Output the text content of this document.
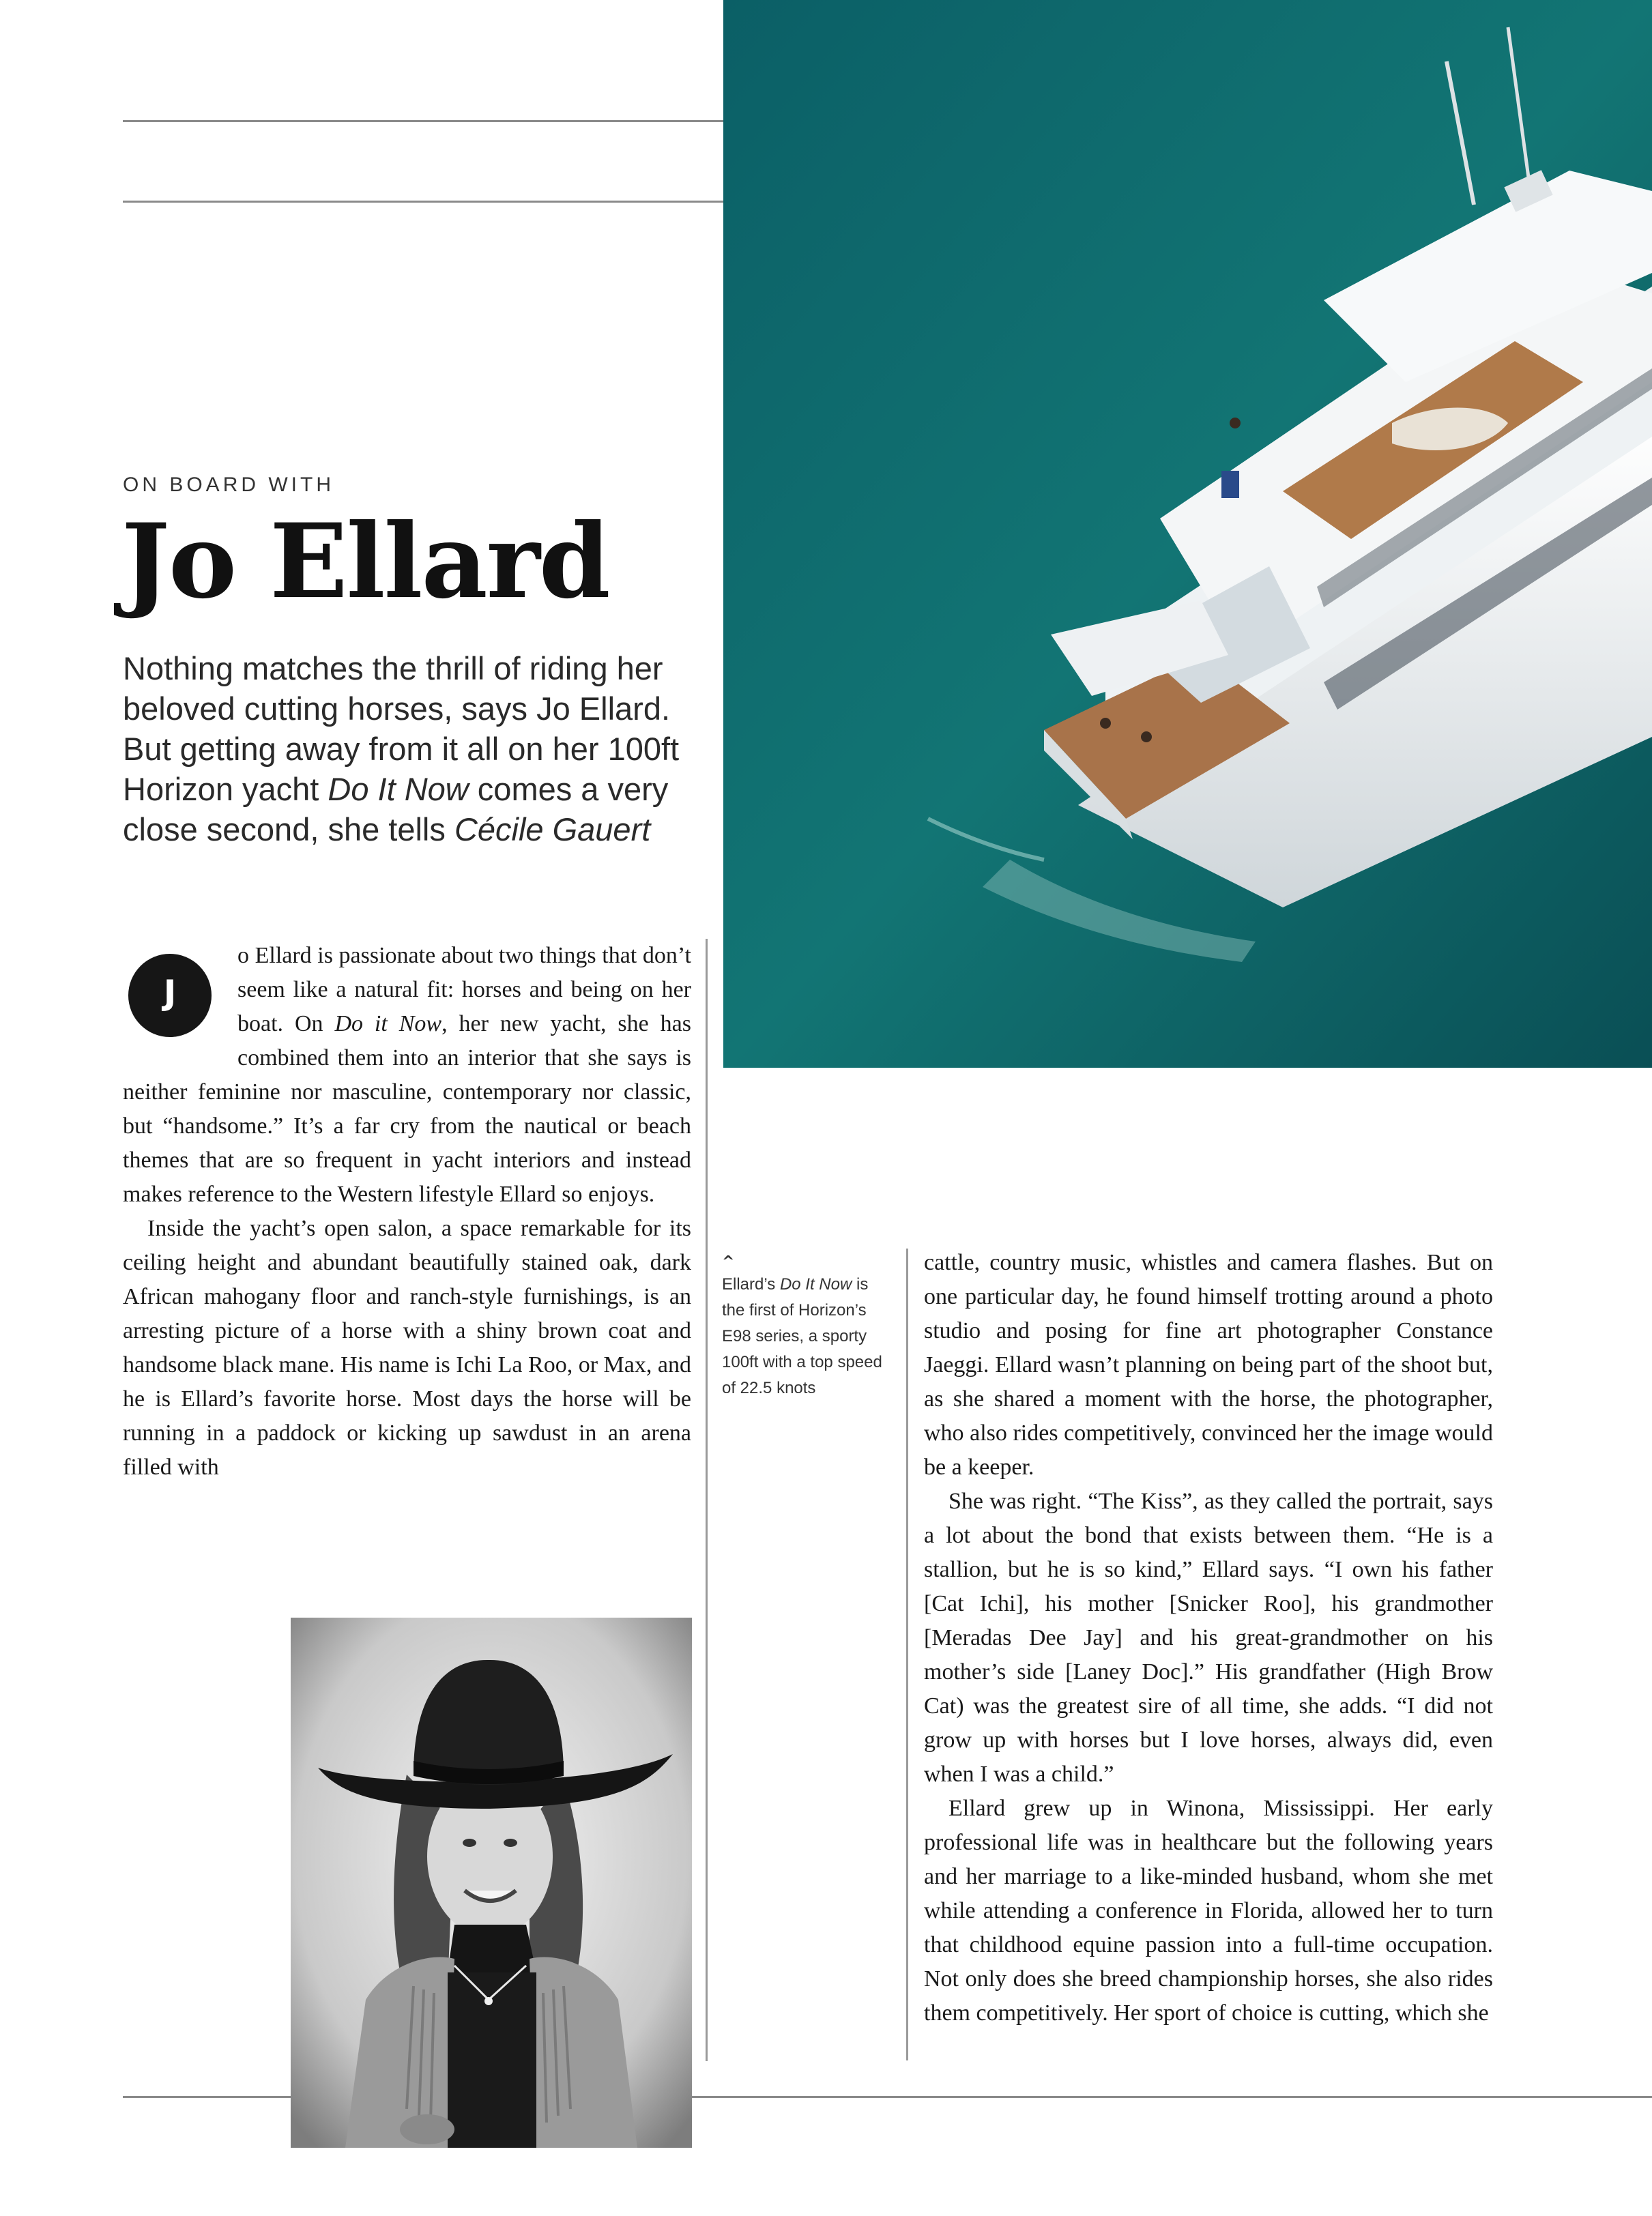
ON BOARD WITH
Jo Ellard
Nothing matches the thrill of riding her beloved cutting horses, says Jo Ellard. But getting away from it all on her 100ft Horizon yacht Do It Now comes a very close second, she tells Cécile Gauert

J
o Ellard is passionate about two things that don’t seem like a natural fit: horses and being on her boat. On Do it Now, her new yacht, she has combined them into an interior that she says is neither feminine nor masculine, contemporary nor classic, but “handsome.” It’s a far cry from the nautical or beach themes that are so frequent in yacht interiors and instead makes reference to the Western lifestyle Ellard so enjoys.

Inside the yacht’s open salon, a space remarkable for its ceiling height and abundant beautifully stained oak, dark African mahogany floor and ranch-style furnishings, is an arresting picture of a horse with a shiny brown coat and handsome black mane. His name is Ichi La Roo, or Max, and he is Ellard’s favorite horse. Most days the horse will be running in a paddock or kicking up sawdust in an arena filled with

^
Ellard’s Do It Now is the first of Horizon’s E98 series, a sporty 100ft with a top speed of 22.5 knots

cattle, country music, whistles and camera flashes. But on one particular day, he found himself trotting around a photo studio and posing for fine art photographer Constance Jaeggi. Ellard wasn’t planning on being part of the shoot but, as she shared a moment with the horse, the photographer, who also rides competitively, convinced her the image would be a keeper.

She was right. “The Kiss”, as they called the portrait, says a lot about the bond that exists between them. “He is a stallion, but he is so kind,” Ellard says. “I own his father [Cat Ichi], his mother [Snicker Roo], his grandmother [Meradas Dee Jay] and his great-grandmother on his mother’s side [Laney Doc].” His grandfather (High Brow Cat) was the greatest sire of all time, she adds. “I did not grow up with horses but I love horses, always did, even when I was a child.”

Ellard grew up in Winona, Mississippi. Her early professional life was in healthcare but the following years and her marriage to a like-minded husband, whom she met while attending a conference in Florida, allowed her to turn that childhood equine passion into a full-time occupation. Not only does she breed championship horses, she also rides them competitively. Her sport of choice is cutting, which she
